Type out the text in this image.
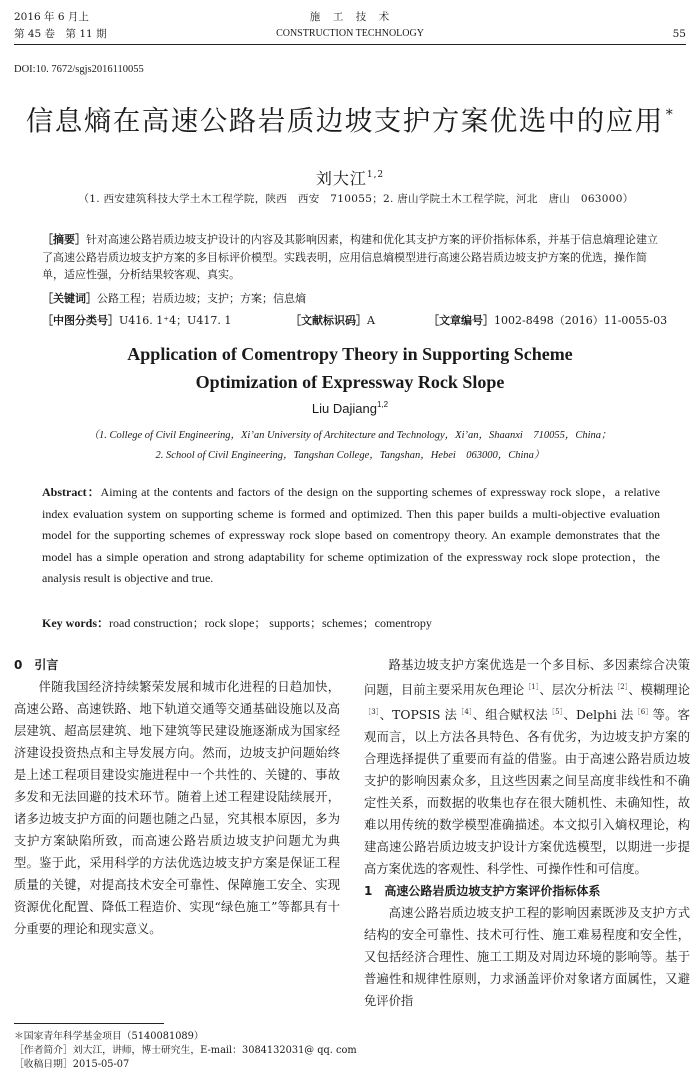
2016 年 6 月上
第 45 卷　第 11 期
施　工　技　术
CONSTRUCTION TECHNOLOGY	55
DOI:10. 7672/sgjs2016110055
信息熵在高速公路岩质边坡支护方案优选中的应用 *
刘大江$^{1,2}$
（1. 西安建筑科技大学土木工程学院，陕西　西安　710055；2. 唐山学院土木工程学院，河北　唐山　063000）
［摘要］针对高速公路岩质边坡支护设计的内容及其影响因素，构建和优化其支护方案的评价指标体系，并基于信息熵理论建立了高速公路岩质边坡支护方案的多目标评价模型。实践表明，应用信息熵模型进行高速公路岩质边坡支护方案的优选，操作简单，适应性强，分析结果较客观、真实。
［关键词］公路工程；岩质边坡；支护；方案；信息熵
［中图分类号］U416. 1⁺4；U417. 1	［文献标识码］A	［文章编号］1002-8498（2016）11-0055-03
Application of Comentropy Theory in Supporting Scheme
Optimization of Expressway Rock Slope
Liu Dajiang$^{1,2}$
（1. College of Civil Engineering，Xi’an University of Architecture and Technology，Xi’an，Shaanxi　710055，China；
2. School of Civil Engineering，Tangshan College，Tangshan，Hebei　063000，China）
Abstract：Aiming at the contents and factors of the design on the supporting schemes of expressway rock slope，a relative index evaluation system on supporting scheme is formed and optimized. Then this paper builds a multi-objective evaluation model for the supporting schemes of expressway rock slope based on comentropy theory. An example demonstrates that the model has a simple operation and strong adaptability for scheme optimization of the expressway rock slope protection，the analysis result is objective and true.
Key words：road construction；rock slope； supports；schemes；comentropy
0　引言

伴随我国经济持续繁荣发展和城市化进程的日趋加快，高速公路、高速铁路、地下轨道交通等交通基础设施以及高层建筑、超高层建筑、地下建筑等民建设施逐渐成为国家经济建设投资热点和主导发展方向。然而，边坡支护问题始终是上述工程项目建设实施进程中一个共性的、关键的、事故多发和无法回避的技术环节。随着上述工程建设陆续展开，诸多边坡支护方面的问题也随之凸显，究其根本原因，多为支护方案缺陷所致，而高速公路岩质边坡支护问题尤为典型。鉴于此，采用科学的方法优选边坡支护方案是保证工程质量的关键，对提高技术安全可靠性、保障施工安全、实现资源优化配置、降低工程造价、实现“绿色施工”等都具有十分重要的理论和现实意义。

＊国家青年科学基金项目（5140081089）
［作者简介］刘大江，讲师，博士研究生，E-mail：3084132031@ qq. com
［收稿日期］2015-05-07

路基边坡支护方案优选是一个多目标、多因素综合决策问题，目前主要采用灰色理论$^{[1]}$、层次分析法$^{[2]}$、模糊理论$^{[3]}$、TOPSIS 法$^{[4]}$、组合赋权法$^{[5]}$、Delphi 法$^{[6]}$等。客观而言，以上方法各具特色、各有优劣，为边坡支护方案的合理选择提供了重要而有益的借鉴。由于高速公路岩质边坡支护的影响因素众多，且这些因素之间呈高度非线性和不确定性关系，而数据的收集也存在很大随机性、未确知性，故难以用传统的数学模型准确描述。本文拟引入熵权理论，构建高速公路岩质边坡支护设计方案优选模型，以期进一步提高方案优选的客观性、科学性、可操作性和可信度。

1　高速公路岩质边坡支护方案评价指标体系

高速公路岩质边坡支护工程的影响因素既涉及支护方式结构的安全可靠性、技术可行性、施工难易程度和安全性，又包括经济合理性、施工工期及对周边环境的影响等。基于普遍性和规律性原则，力求涵盖评价对象诸方面属性，又避免评价指
